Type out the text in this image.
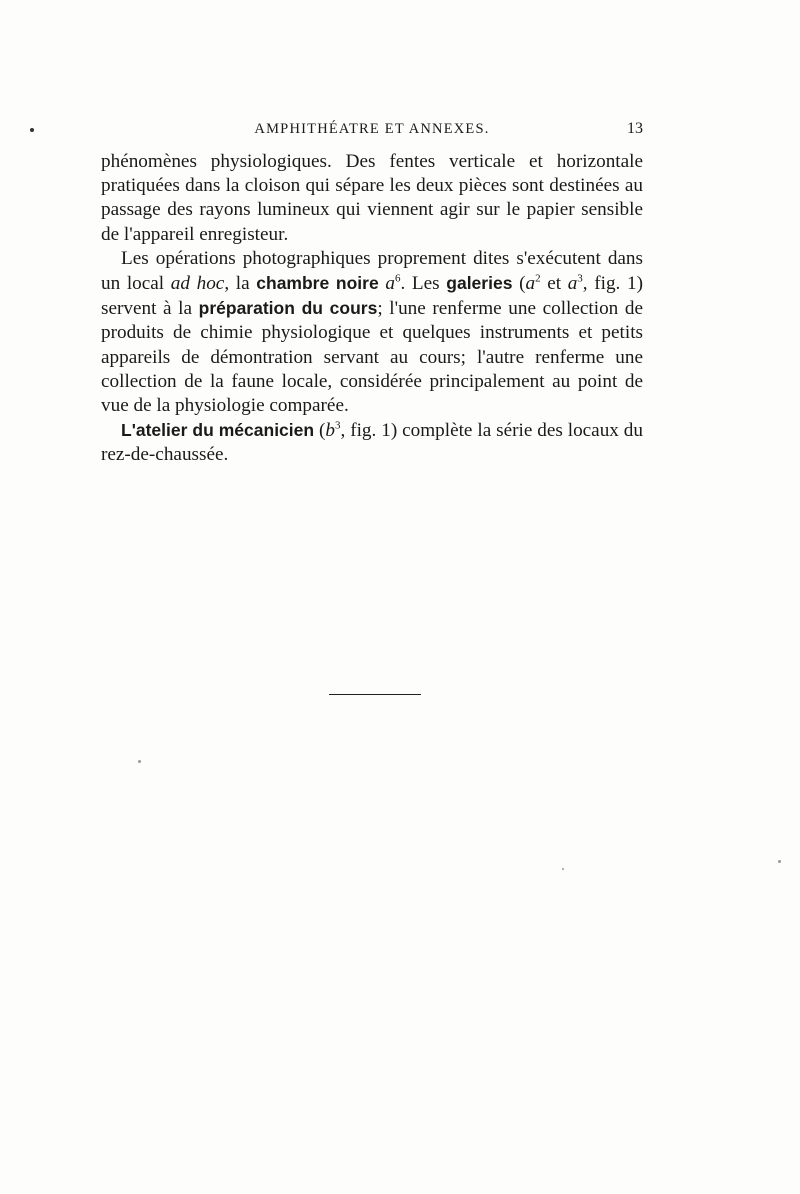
AMPHITHÉATRE ET ANNEXES.	13

phénomènes physiologiques. Des fentes verticale et horizontale pratiquées dans la cloison qui sépare les deux pièces sont destinées au passage des rayons lumineux qui viennent agir sur le papier sensible de l'appareil enregisteur.

Les opérations photographiques proprement dites s'exécutent dans un local ad hoc, la chambre noire $a^6$. Les galeries ($a^2$ et $a^3$, fig. 1) servent à la préparation du cours; l'une renferme une collection de produits de chimie physiologique et quelques instruments et petits appareils de démontration servant au cours; l'autre renferme une collection de la faune locale, considérée principalement au point de vue de la physiologie comparée.

L'atelier du mécanicien ($b^3$, fig. 1) complète la série des locaux du rez-de-chaussée.
